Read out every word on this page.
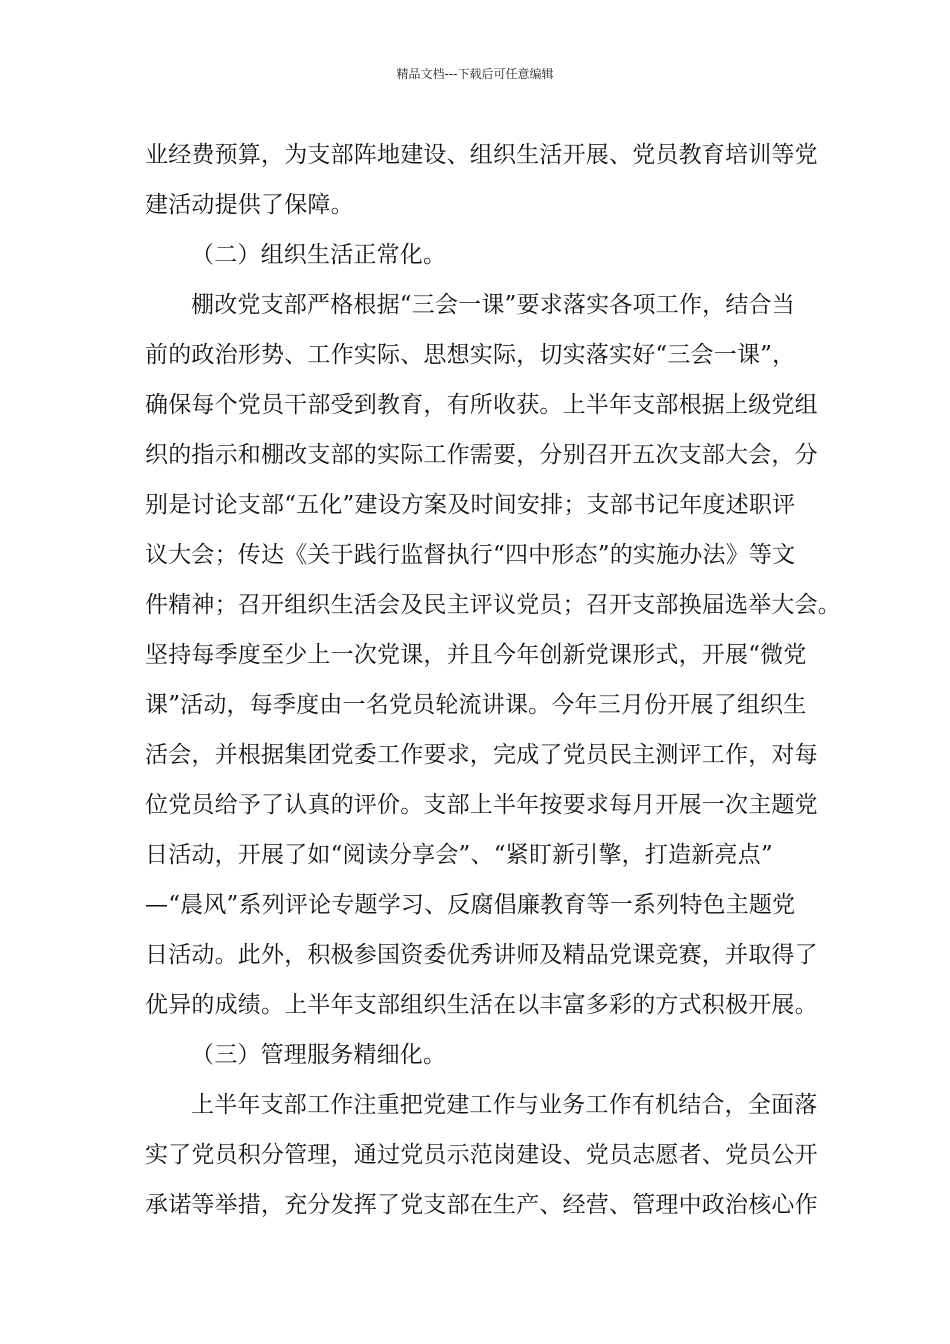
精品文档---下载后可任意编辑
业经费预算，为支部阵地建设、组织生活开展、党员教育培训等党
建活动提供了保障。
（二）组织生活正常化。
棚改党支部严格根据“三会一课”要求落实各项工作，结合当
前的政治形势、工作实际、思想实际，切实落实好“三会一课”，
确保每个党员干部受到教育，有所收获。上半年支部根据上级党组
织的指示和棚改支部的实际工作需要，分别召开五次支部大会，分
别是讨论支部“五化”建设方案及时间安排；支部书记年度述职评
议大会；传达《关于践行监督执行“四中形态”的实施办法》等文
件精神；召开组织生活会及民主评议党员；召开支部换届选举大会。
坚持每季度至少上一次党课，并且今年创新党课形式，开展“微党
课”活动，每季度由一名党员轮流讲课。今年三月份开展了组织生
活会，并根据集团党委工作要求，完成了党员民主测评工作，对每
位党员给予了认真的评价。支部上半年按要求每月开展一次主题党
日活动，开展了如“阅读分享会”、“紧盯新引擎，打造新亮点”
—“晨风”系列评论专题学习、反腐倡廉教育等一系列特色主题党
日活动。此外，积极参国资委优秀讲师及精品党课竞赛，并取得了
优异的成绩。上半年支部组织生活在以丰富多彩的方式积极开展。
（三）管理服务精细化。
上半年支部工作注重把党建工作与业务工作有机结合，全面落
实了党员积分管理，通过党员示范岗建设、党员志愿者、党员公开
承诺等举措，充分发挥了党支部在生产、经营、管理中政治核心作
